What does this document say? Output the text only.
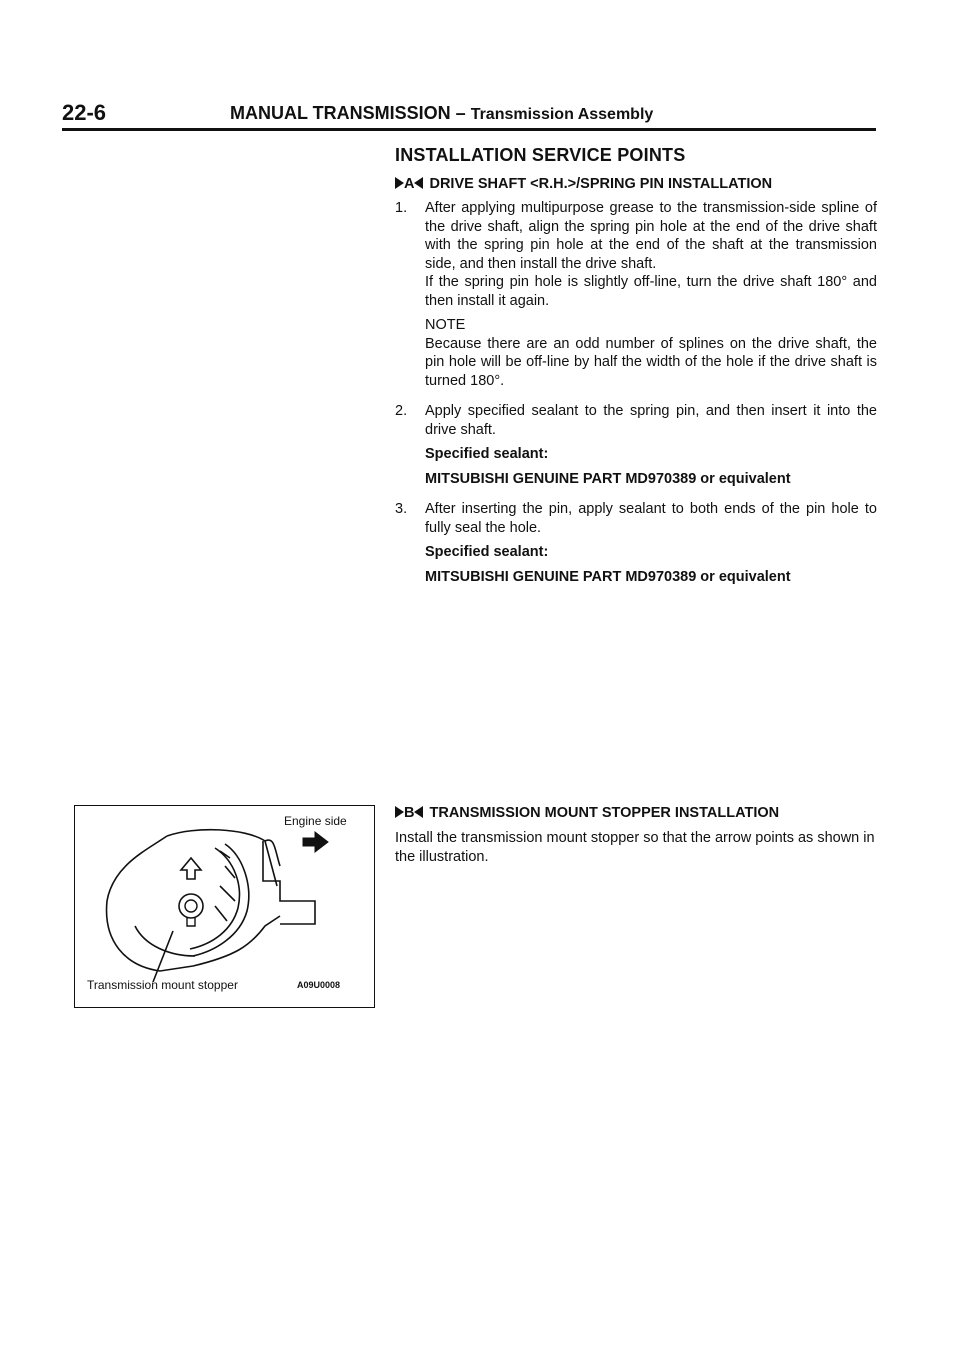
22-6	MANUAL TRANSMISSION – Transmission Assembly
INSTALLATION SERVICE POINTS
A	DRIVE SHAFT <R.H.>/SPRING PIN INSTALLATION
1.	After applying multipurpose grease to the transmission-side spline of the drive shaft, align the spring pin hole at the end of the drive shaft with the spring pin hole at the end of the shaft at the transmission side, and then install the drive shaft.

If the spring pin hole is slightly off-line, turn the drive shaft 180° and then install it again.

NOTE

Because there are an odd number of splines on the drive shaft, the pin hole will be off-line by half the width of the hole if the drive shaft is turned 180°.

2.	Apply specified sealant to the spring pin, and then insert it into the drive shaft.

Specified sealant:

MITSUBISHI GENUINE PART MD970389 or equivalent

3.	After inserting the pin, apply sealant to both ends of the pin hole to fully seal the hole.

Specified sealant:

MITSUBISHI GENUINE PART MD970389 or equivalent

Engine side
Transmission mount stopper	A09U0008
B	TRANSMISSION MOUNT STOPPER INSTALLATION

Install the transmission mount stopper so that the arrow points as shown in the illustration.
